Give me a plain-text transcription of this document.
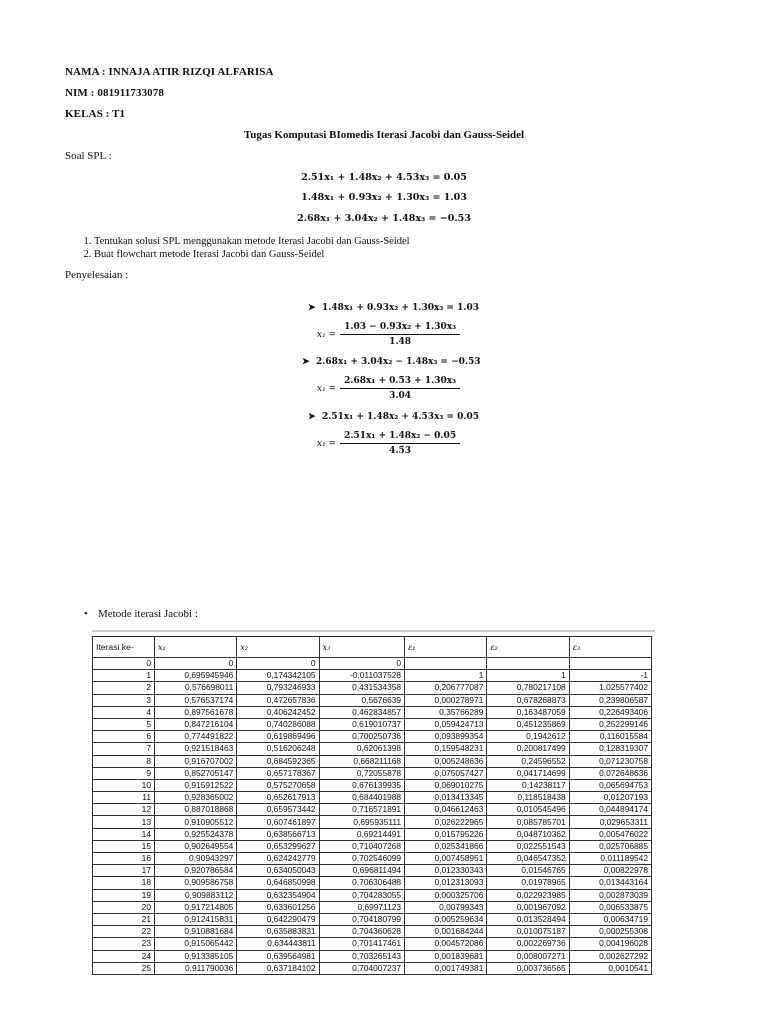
NAMA : INNAJA ATIR RIZQI ALFARISA
NIM : 081911733078
KELAS : T1
Tugas Komputasi BIomedis Iterasi Jacobi dan Gauss-Seidel
Soal SPL :
2.51x₁ + 1.48x₂ + 4.53x₃ = 0.05
1.48x₁ + 0.93x₂ + 1.30x₃ = 1.03
2.68x₁ + 3.04x₂ + 1.48x₃ = −0.53
1. Tentukan solusi SPL menggunakan metode Iterasi Jacobi dan Gauss-Seidel
2. Buat flowchart metode Iterasi Jacobi dan Gauss-Seidel
Penyelesaian :
➤ 1.48x₁ + 0.93x₂ + 1.30x₃ = 1.03
$x_1 = \frac{\text{1.03 − 0.93x₂ + 1.30x₃}}{1.48}$
➤ 2.68x₁ + 3.04x₂ − 1.48x₃ = −0.53
$x_1 = \frac{\text{2.68x₁ + 0.53 + 1.30x₃}}{3.04}$
➤ 2.51x₁ + 1.48x₂ + 4.53x₃ = 0.05
$x_1 = \frac{\text{2.51x₁ + 1.48x₂ − 0.05}}{4.53}$
• Metode iterasi Jacobi :
Iterasi ke-	x₁	x₂	x₃	ε₁	ε₂	ε₃
0	0	0	0			
1	0,695945946	0,174342105	-0,011037528	1	1	-1
2	0,576698011	0,793246933	0,431534358	0,206777087	0,780217108	1,025577402
3	0,576537174	0,472657836	0,5676639	0,000278971	0,678268873	0,239806587
4	0,897561678	0,406242452	0,462834857	0,35766289	0,163487059	0,226493406
5	0,847216104	0,740286088	0,619010737	0,059424713	0,451235869	0,252299146
6	0,774491822	0,619869496	0,700250736	0,093899354	0,1942612	0,116015584
7	0,921518463	0,516206248	0,62061398	0,159548231	0,200817499	0,128319307
8	0,916707002	0,684592365	0,668211168	0,005248636	0,24596552	0,071230758
9	0,852705147	0,657178367	0,72055878	0,075057427	0,041714699	0,072648636
10	0,915912522	0,575270658	0,676139935	0,069010275	0,14238117	0,065694753
11	0,928365002	0,652617913	0,684401988	0,013413345	0,118518438	0,01207193
12	0,887018868	0,659573442	0,716571891	0,046612463	0,010545496	0,044894174
13	0,910905512	0,607461897	0,695935111	0,026222965	0,085785701	0,029653311
14	0,925524378	0,638566713	0,69214491	0,015795226	0,048710362	0,005476022
15	0,902649554	0,653299627	0,710407268	0,025341866	0,022551543	0,025706885
16	0,90943297	0,624242779	0,702546099	0,007458951	0,046547352	0,011189542
17	0,920786584	0,634050043	0,696811494	0,012330343	0,01546765	0,00822978
18	0,909586758	0,646850998	0,706306488	0,012313093	0,01978965	0,013443164
19	0,909883112	0,632354904	0,704283055	0,000325706	0,022923985	0,002873039
20	0,917214805	0,633601256	0,69971123	0,00799343	0,001967092	0,006533875
21	0,912415831	0,642290479	0,704180799	0,005259634	0,013528494	0,00634719
22	0,910881684	0,635883831	0,704360628	0,001684244	0,010075187	0,000255308
23	0,915065442	0,634443811	0,701417461	0,004572086	0,002269736	0,004196028
24	0,913385105	0,639564981	0,703265143	0,001839681	0,008007271	0,002627292
25	0,911790036	0,637184102	0,704007237	0,001749381	0,003736565	0,0010541
